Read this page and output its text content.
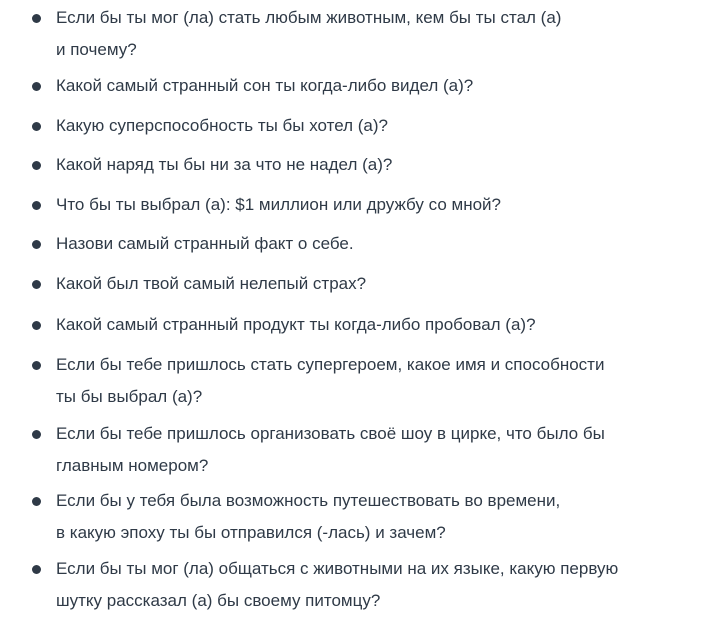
Если бы ты мог (ла) стать любым животным, кем бы ты стал (а)
и почему?
Какой самый странный сон ты когда-либо видел (а)?
Какую суперспособность ты бы хотел (а)?
Какой наряд ты бы ни за что не надел (а)?
Что бы ты выбрал (а): $1 миллион или дружбу со мной?
Назови самый странный факт о себе.
Какой был твой самый нелепый страх?
Какой самый странный продукт ты когда-либо пробовал (а)?
Если бы тебе пришлось стать супергероем, какое имя и способности
ты бы выбрал (а)?
Если бы тебе пришлось организовать своё шоу в цирке, что было бы
главным номером?
Если бы у тебя была возможность путешествовать во времени,
в какую эпоху ты бы отправился (-лась) и зачем?
Если бы ты мог (ла) общаться с животными на их языке, какую первую
шутку рассказал (а) бы своему питомцу?
